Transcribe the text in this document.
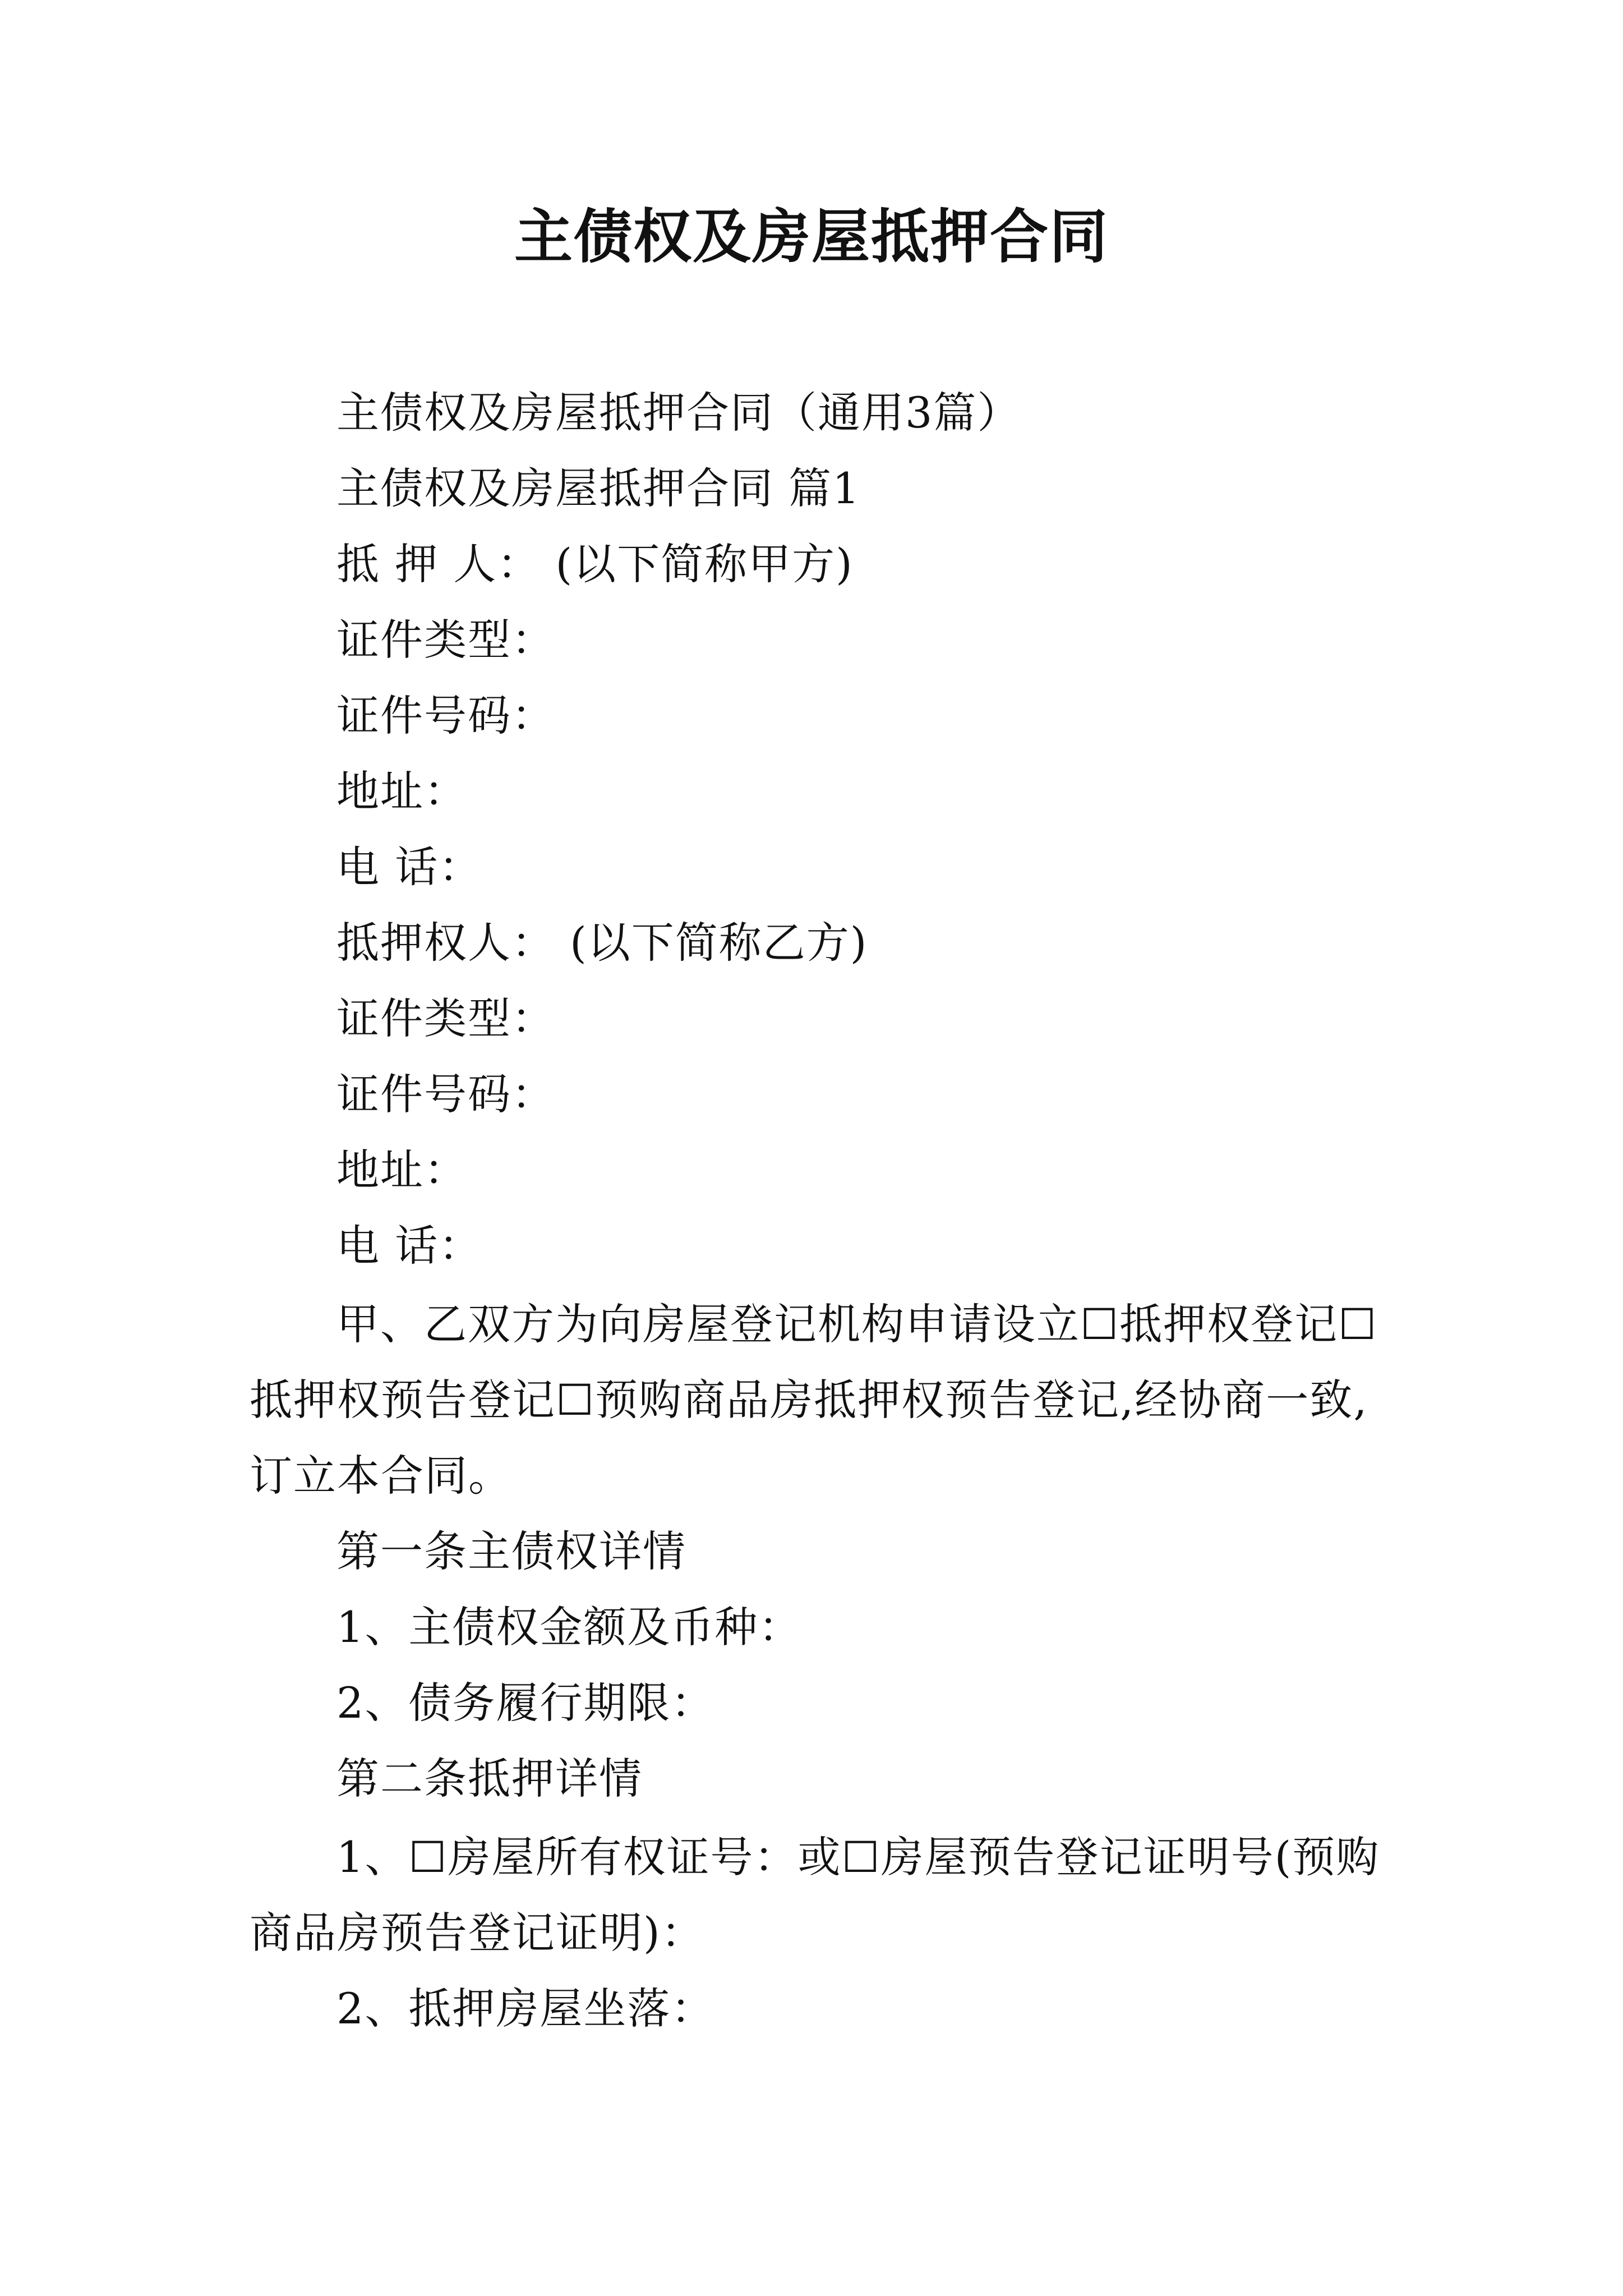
主债权及房屋抵押合同
主债权及房屋抵押合同（通用3篇）
主债权及房屋抵押合同 篇1
抵 押 人： (以下简称甲方)
证件类型：
证件号码：
地址：
电 话：
抵押权人： (以下简称乙方)
证件类型：
证件号码：
地址：
电 话：
甲、乙双方为向房屋登记机构申请设立☐抵押权登记☐
抵押权预告登记☐预购商品房抵押权预告登记,经协商一致,
订立本合同。
第一条主债权详情
1、主债权金额及币种：
2、债务履行期限：
第二条抵押详情
1、☐房屋所有权证号：或☐房屋预告登记证明号(预购
商品房预告登记证明)：
2、抵押房屋坐落：
